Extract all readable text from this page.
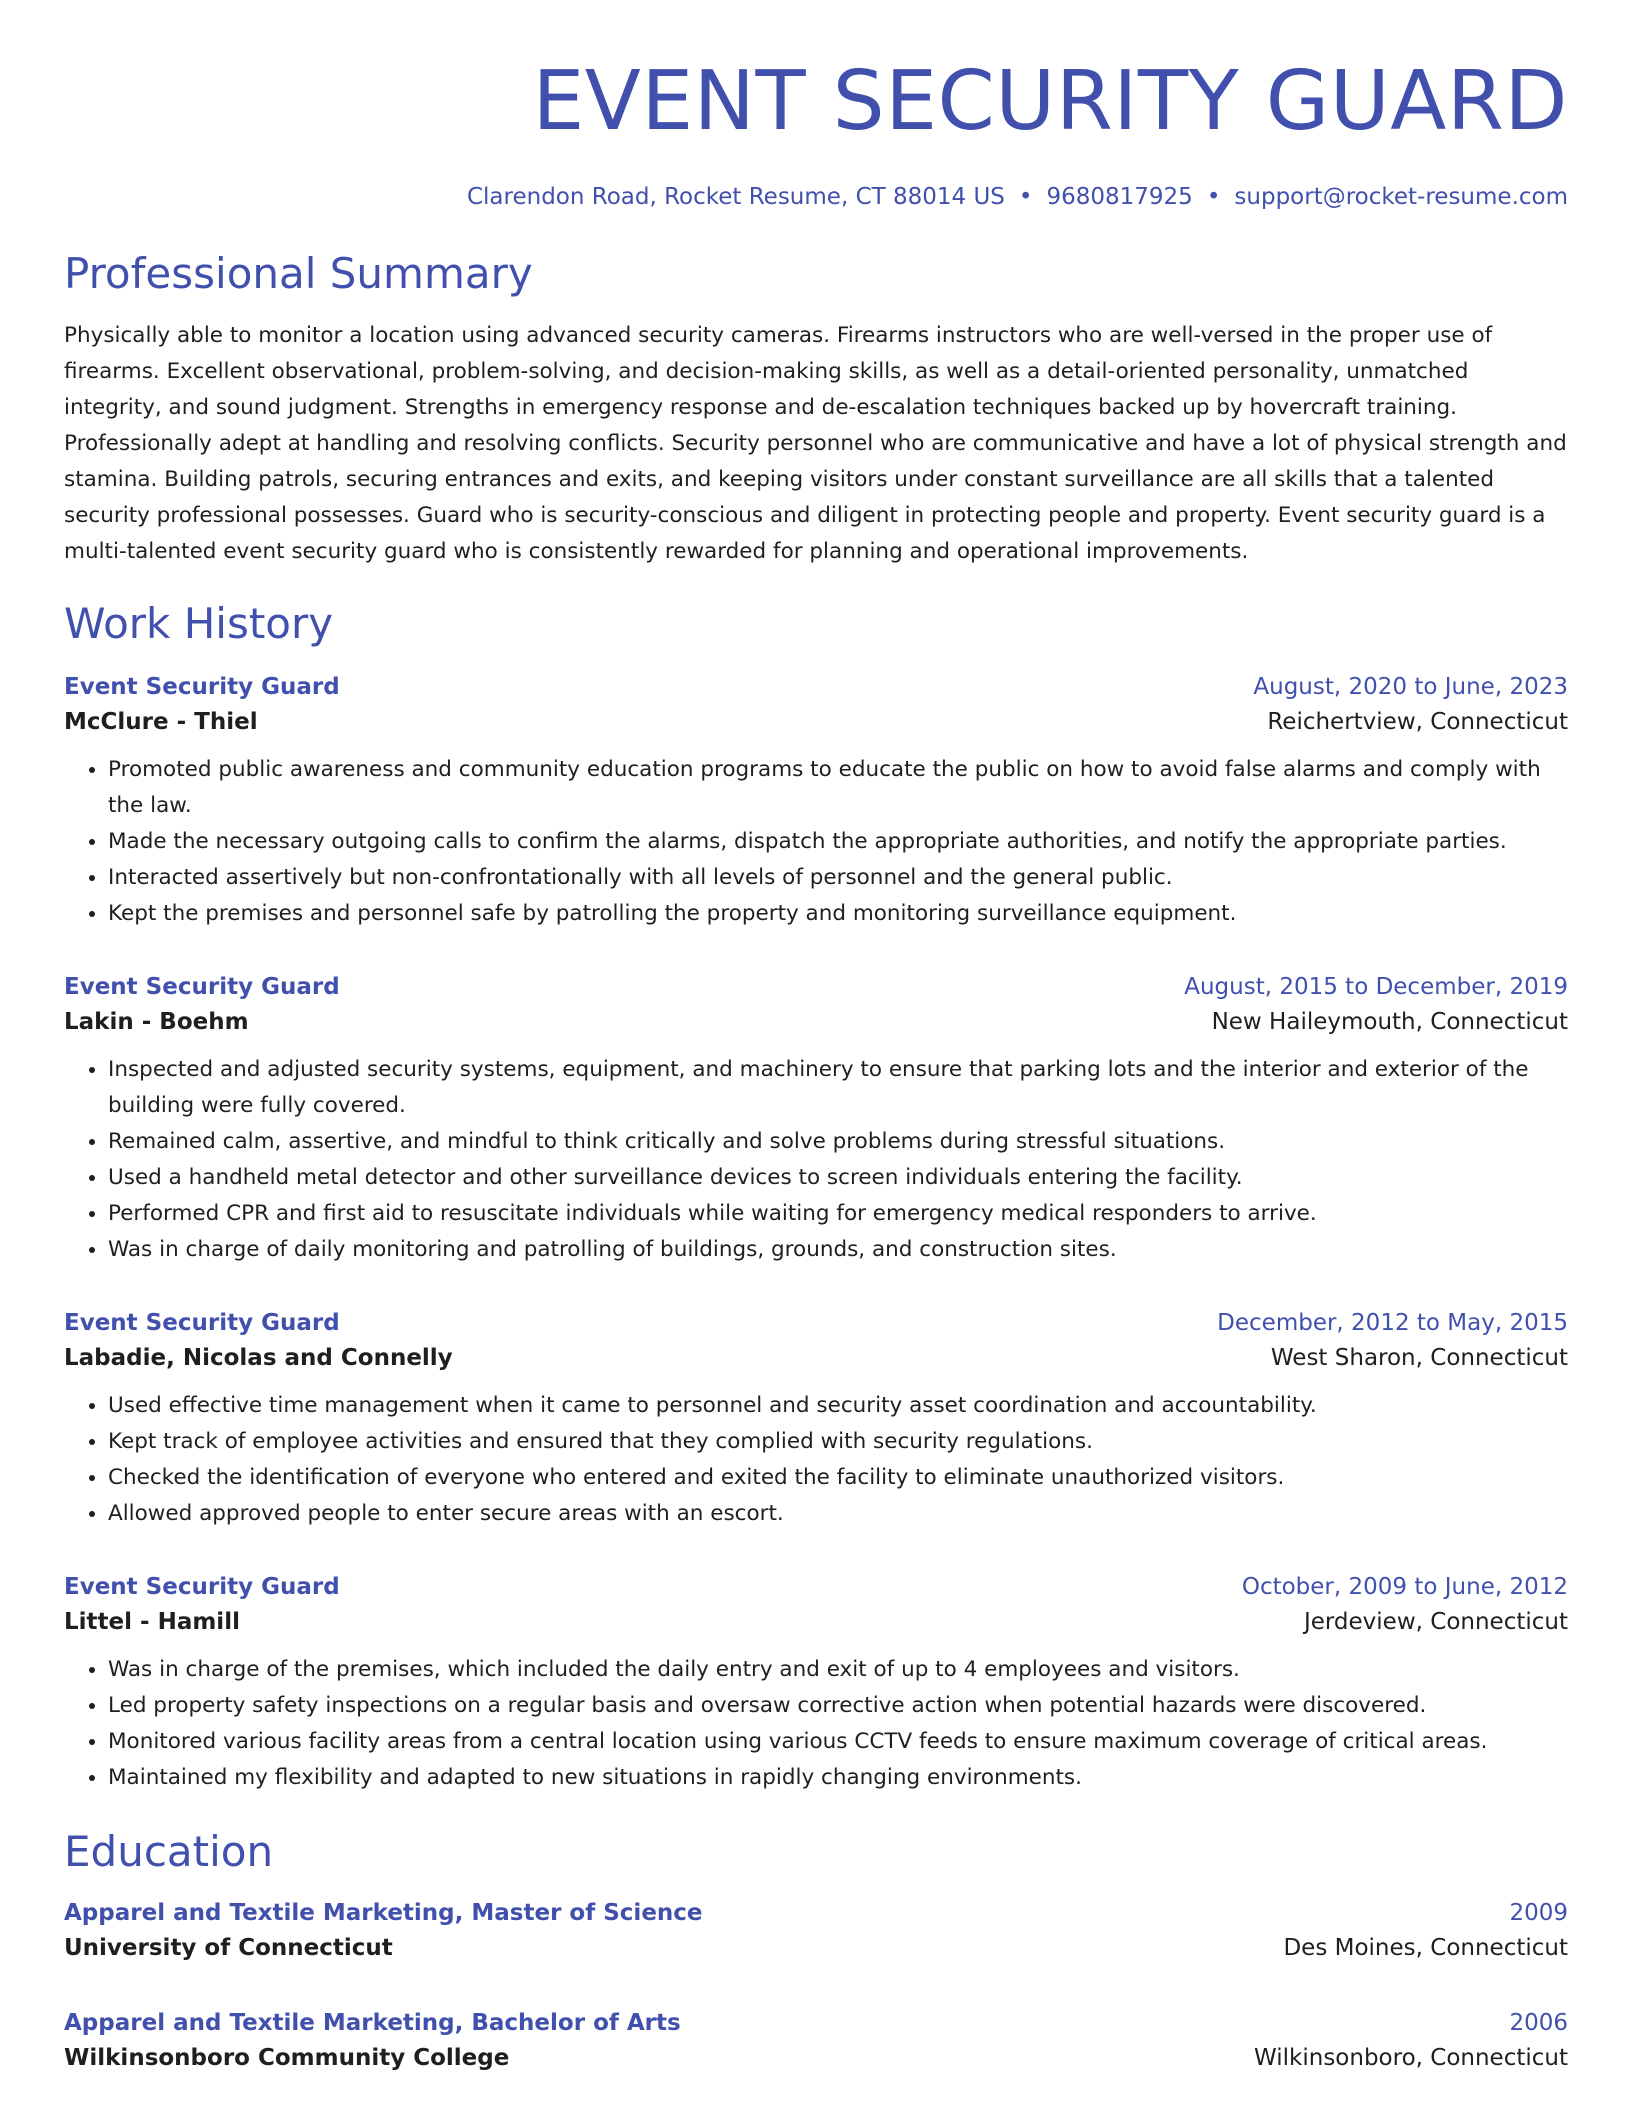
EVENT SECURITY GUARD
Clarendon Road, Rocket Resume, CT 88014 US • 9680817925 • support@rocket-resume.com
Professional Summary
Physically able to monitor a location using advanced security cameras. Firearms instructors who are well-versed in the proper use of firearms. Excellent observational, problem-solving, and decision-making skills, as well as a detail-oriented personality, unmatched integrity, and sound judgment. Strengths in emergency response and de-escalation techniques backed up by hovercraft training. Professionally adept at handling and resolving conflicts. Security personnel who are communicative and have a lot of physical strength and stamina. Building patrols, securing entrances and exits, and keeping visitors under constant surveillance are all skills that a talented security professional possesses. Guard who is security-conscious and diligent in protecting people and property. Event security guard is a multi-talented event security guard who is consistently rewarded for planning and operational improvements.
Work History
Event Security Guard	August, 2020 to June, 2023
McClure - Thiel	Reichertview, Connecticut
• Promoted public awareness and community education programs to educate the public on how to avoid false alarms and comply with the law.
• Made the necessary outgoing calls to confirm the alarms, dispatch the appropriate authorities, and notify the appropriate parties.
• Interacted assertively but non-confrontationally with all levels of personnel and the general public.
• Kept the premises and personnel safe by patrolling the property and monitoring surveillance equipment.
Event Security Guard	August, 2015 to December, 2019
Lakin - Boehm	New Haileymouth, Connecticut
• Inspected and adjusted security systems, equipment, and machinery to ensure that parking lots and the interior and exterior of the building were fully covered.
• Remained calm, assertive, and mindful to think critically and solve problems during stressful situations.
• Used a handheld metal detector and other surveillance devices to screen individuals entering the facility.
• Performed CPR and first aid to resuscitate individuals while waiting for emergency medical responders to arrive.
• Was in charge of daily monitoring and patrolling of buildings, grounds, and construction sites.
Event Security Guard	December, 2012 to May, 2015
Labadie, Nicolas and Connelly	West Sharon, Connecticut
• Used effective time management when it came to personnel and security asset coordination and accountability.
• Kept track of employee activities and ensured that they complied with security regulations.
• Checked the identification of everyone who entered and exited the facility to eliminate unauthorized visitors.
• Allowed approved people to enter secure areas with an escort.
Event Security Guard	October, 2009 to June, 2012
Littel - Hamill	Jerdeview, Connecticut
• Was in charge of the premises, which included the daily entry and exit of up to 4 employees and visitors.
• Led property safety inspections on a regular basis and oversaw corrective action when potential hazards were discovered.
• Monitored various facility areas from a central location using various CCTV feeds to ensure maximum coverage of critical areas.
• Maintained my flexibility and adapted to new situations in rapidly changing environments.
Education
Apparel and Textile Marketing, Master of Science	2009
University of Connecticut	Des Moines, Connecticut
Apparel and Textile Marketing, Bachelor of Arts	2006
Wilkinsonboro Community College	Wilkinsonboro, Connecticut
